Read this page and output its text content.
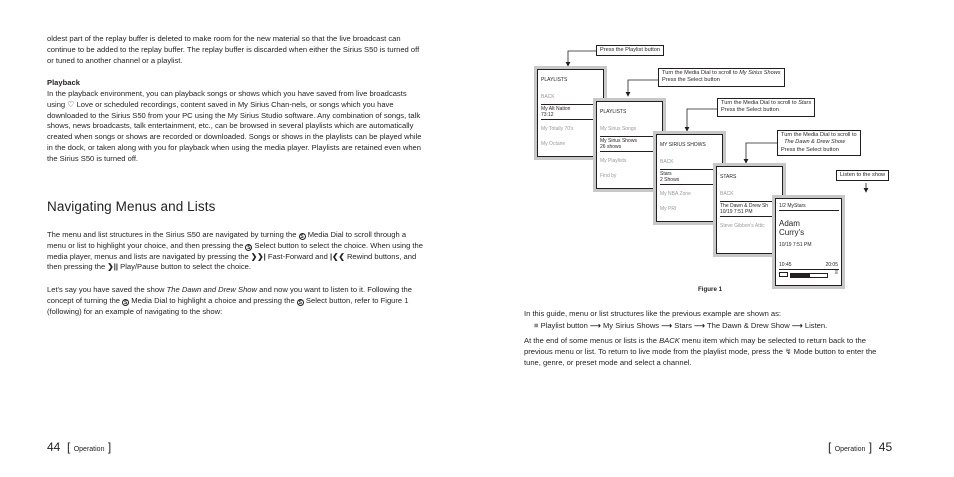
oldest part of the replay buffer is deleted to make room for the new material so that the live broadcast can continue to be added to the replay buffer. The replay buffer is discarded when either the Sirius S50 is turned off or tuned to another channel or a playlist.

Playback

In the playback environment, you can playback songs or shows which you have saved from live broadcasts using ♡ Love or scheduled recordings, content saved in My Sirius Chan-nels, or songs which you have downloaded to the Sirius S50 from your PC using the My Sirius Studio software. Any combination of songs, talk shows, news broadcasts, talk entertainment, etc., can be browsed in several playlists which are automatically created when songs or shows are recorded or downloaded. Songs or shows in the playlists can be played while in the dock, or taken along with you for playback when using the media player. Playlists are retained even when the Sirius S50 is turned off.

Navigating Menus and Lists

The menu and list structures in the Sirius S50 are navigated by turning the S Media Dial to scroll through a menu or list to highlight your choice, and then pressing the S Select button to select the choice. When using the media player, menus and lists are navigated by pressing the ❯❯| Fast-Forward and |❮❮ Rewind buttons, and then pressing the ❯|| Play/Pause button to select the choice.

Let's say you have saved the show The Dawn and Drew Show and now you want to listen to it. Following the concept of turning the S Media Dial to highlight a choice and pressing the S Select button, refer to Figure 1 (following) for an example of navigating to the show:

44 [ Operation ]
Press the Playlist button
Turn the Media Dial to scroll to My Sirius Shows
Press the Select button
Turn the Media Dial to scroll to Stars
Press the Select button
Turn the Media Dial to scroll to
The Dawn & Drew Show
Press the Select button
Listen to the show
PLAYLISTS
BACK
My Alt Nation
73:12
My Totally 70's
My Octane
PLAYLISTS
My Sirius Songs
My Sirius Shows
26 shows
My Playlists
Find by
MY SIRIUS SHOWS
BACK
Stars
2 Shows
My NBA Zone
My PRI
STARS
BACK
The Dawn & Drew Sh
10/19 7:51 PM
Steve Gibbon's Attic
1/2 MyStars
Adam
Curry's
10/19 7:51 PM
10:45	20:05
≡
Figure 1

In this guide, menu or list structures like the previous example are shown as:

≡ Playlist button ⟶ My Sirius Shows ⟶ Stars ⟶ The Dawn & Drew Show ⟶ Listen.

At the end of some menus or lists is the BACK menu item which may be selected to return back to the previous menu or list. To return to live mode from the playlist mode, press the ↯ Mode button to enter the tune, genre, or preset mode and select a channel.

[ Operation ] 45
